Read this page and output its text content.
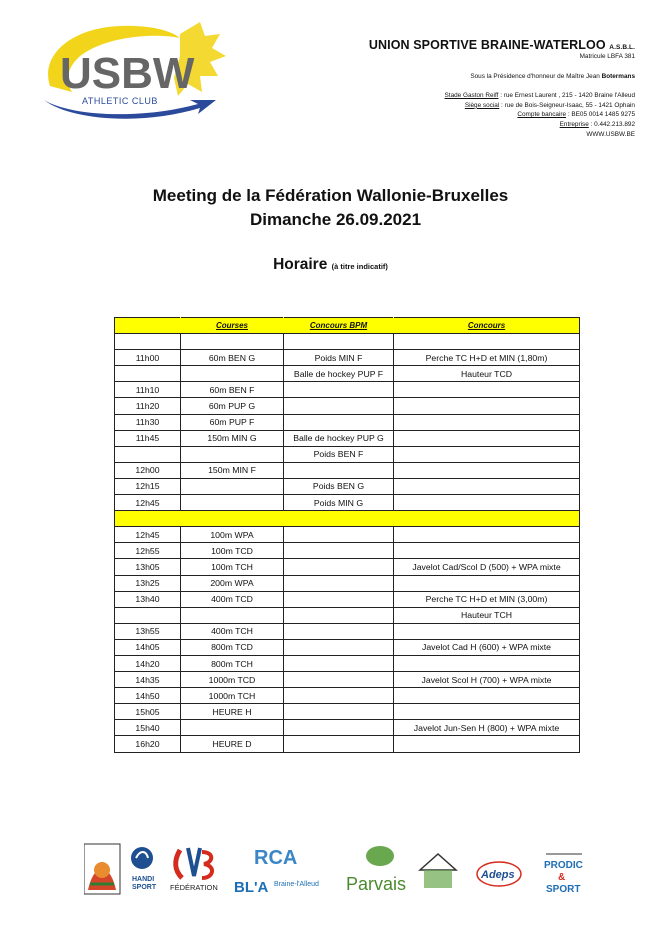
USBW
ATHLETIC CLUB
UNION SPORTIVE BRAINE-WATERLOO A.S.B.L.
Matricule LBFA 381
Sous la Présidence d'honneur de Maître Jean Botermans
Stade Gaston Reiff : rue Ernest Laurent , 215 - 1420 Braine l'Alleud
Siège social : rue de Bois-Seigneur-Isaac, 55 - 1421 Ophain
Compte bancaire : BE05 0014 1485 9275
Entreprise : 0.442.213.892
WWW.USBW.BE
Meeting de la Fédération Wallonie-Bruxelles
Dimanche 26.09.2021
Horaire (à titre indicatif)
	Courses	Concours BPM	Concours

11h00	60m BEN G	Poids MIN F	Perche TC H+D et MIN (1,80m)
		Balle de hockey PUP F	Hauteur TCD
11h10	60m BEN F		
11h20	60m PUP G		
11h30	60m PUP F		
11h45	150m MIN G	Balle de hockey PUP G	
		Poids BEN F	
12h00	150m MIN F		
12h15		Poids BEN G	
12h45		Poids MIN G	

12h45	100m WPA		
12h55	100m TCD		
13h05	100m TCH		Javelot Cad/Scol D (500) + WPA mixte
13h25	200m WPA		
13h40	400m TCD		Perche TC H+D et MIN (3,00m)
			Hauteur TCH
13h55	400m TCH		
14h05	800m TCD		Javelot Cad H (600) + WPA mixte
14h20	800m TCH		
14h35	1000m TCD		Javelot Scol H (700) + WPA mixte
14h50	1000m TCH		
15h05	HEURE H		
15h40			Javelot Jun-Sen H (800) + WPA mixte
16h20	HEURE D		
HANDI
SPORT FÉDÉRATION
RCA
BL'A Braine-l'Alleud Parvais	Adeps
PRODIC
&
SPORT
